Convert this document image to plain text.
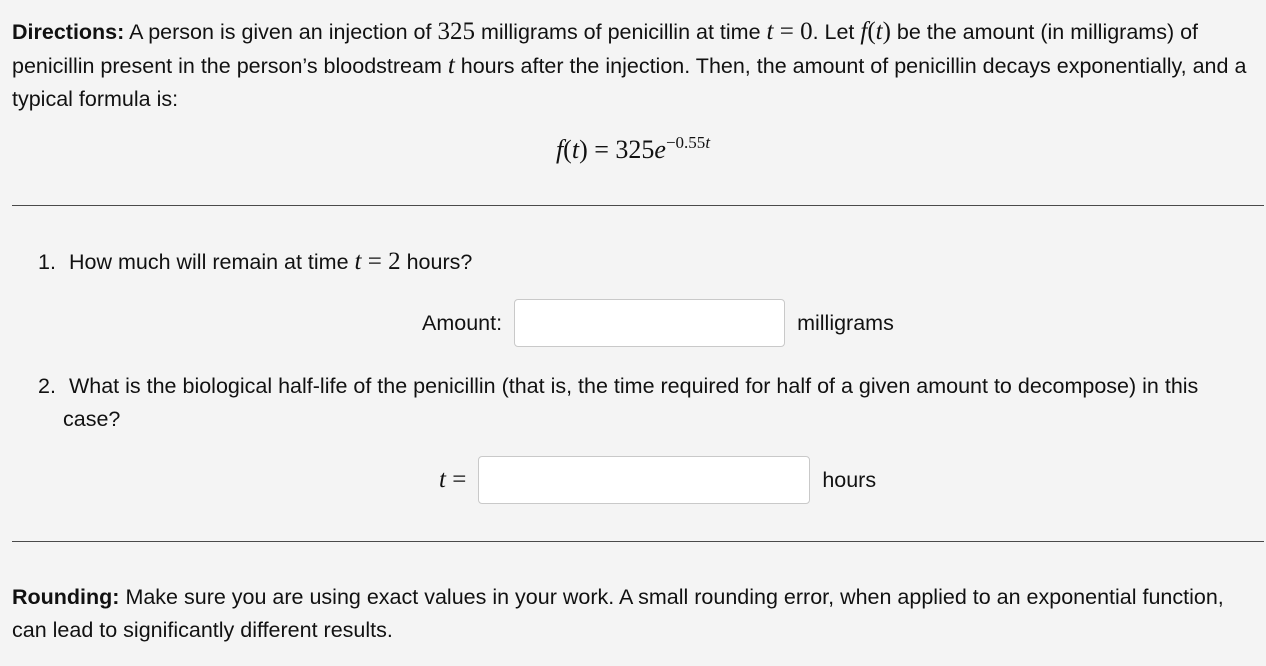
Directions: A person is given an injection of 325 milligrams of penicillin at time t = 0. Let f(t) be the amount (in milligrams) of penicillin present in the person’s bloodstream t hours after the injection. Then, the amount of penicillin decays exponentially, and a typical formula is:
$f(t) = 325e^{-0.55t}$
1. How much will remain at time t = 2 hours?
Amount:	milligrams
2. What is the biological half-life of the penicillin (that is, the time required for half of a given amount to decompose) in this
case?
t =	hours
Rounding: Make sure you are using exact values in your work. A small rounding error, when applied to an exponential function, can lead to significantly different results.
